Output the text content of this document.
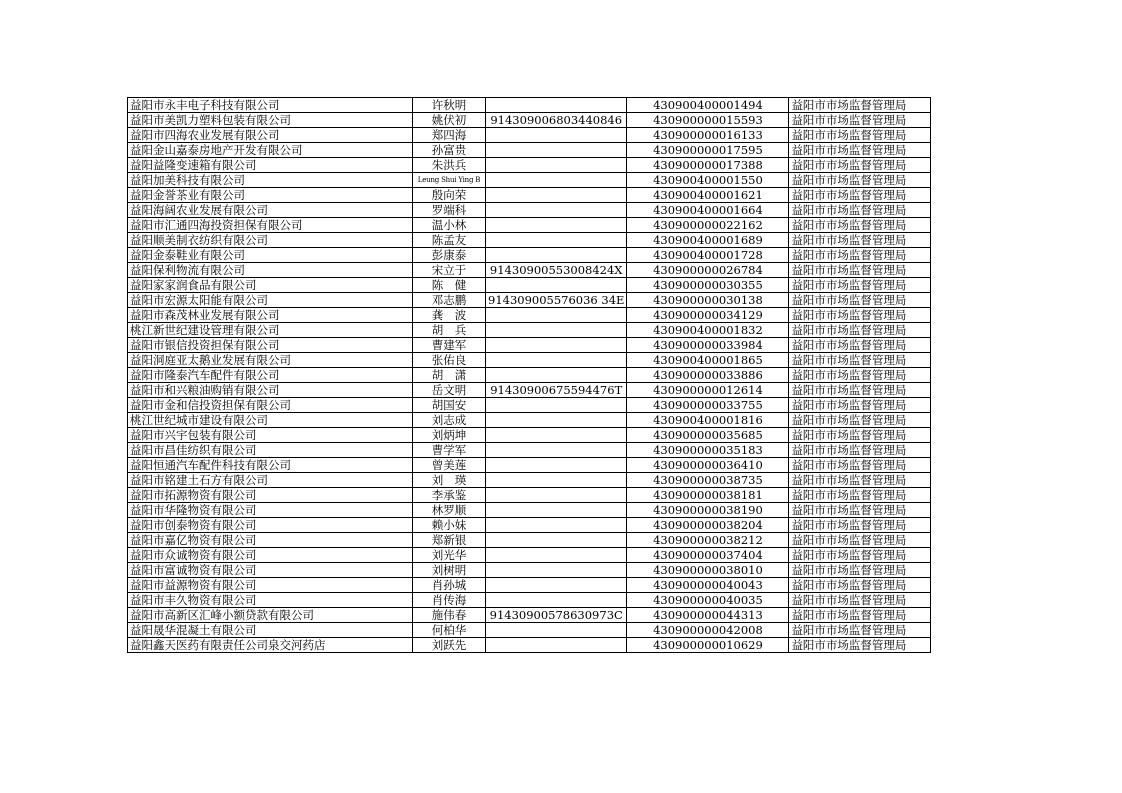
益阳市永丰电子科技有限公司	许秋明		430900400001494	益阳市市场监督管理局
益阳市美凯力塑料包装有限公司	姚伏初	914309006803440846	430900000015593	益阳市市场监督管理局
益阳市四海农业发展有限公司	郑四海		430900000016133	益阳市市场监督管理局
益阳金山嘉泰房地产开发有限公司	孙富贵		430900000017595	益阳市市场监督管理局
益阳益隆变速箱有限公司	朱洪兵		430900000017388	益阳市市场监督管理局
益阳加美科技有限公司	Leung Shui Ying B		430900400001550	益阳市市场监督管理局
益阳金誉茶业有限公司	殷向荣		430900400001621	益阳市市场监督管理局
益阳海阔农业发展有限公司	罗端科		430900400001664	益阳市市场监督管理局
益阳市汇通四海投资担保有限公司	温小林		430900000022162	益阳市市场监督管理局
益阳顺美制衣纺织有限公司	陈孟友		430900400001689	益阳市市场监督管理局
益阳金泰鞋业有限公司	彭康泰		430900400001728	益阳市市场监督管理局
益阳保利物流有限公司	宋立于	91430900553008424X	430900000026784	益阳市市场监督管理局
益阳家家润食品有限公司	陈　健		430900000030355	益阳市市场监督管理局
益阳市宏源太阳能有限公司	邓志鹏	914309005576036 34E	430900000030138	益阳市市场监督管理局
益阳市森茂林业发展有限公司	龚　波		430900000034129	益阳市市场监督管理局
桃江新世纪建设管理有限公司	胡　兵		430900400001832	益阳市市场监督管理局
益阳市银信投资担保有限公司	曹建军		430900000033984	益阳市市场监督管理局
益阳洞庭亚太鹅业发展有限公司	张佑良		430900400001865	益阳市市场监督管理局
益阳市隆泰汽车配件有限公司	胡　潇		430900000033886	益阳市市场监督管理局
益阳市和兴粮油购销有限公司	岳文明	91430900675594476T	430900000012614	益阳市市场监督管理局
益阳市金和信投资担保有限公司	胡国安		430900000033755	益阳市市场监督管理局
桃江世纪城市建设有限公司	刘志成		430900400001816	益阳市市场监督管理局
益阳市兴宇包装有限公司	刘炳坤		430900000035685	益阳市市场监督管理局
益阳市昌佳纺织有限公司	曹学军		430900000035183	益阳市市场监督管理局
益阳恒通汽车配件科技有限公司	曾美莲		430900000036410	益阳市市场监督管理局
益阳市铭建土石方有限公司	刘　瑛		430900000038735	益阳市市场监督管理局
益阳市拓源物资有限公司	李承鉴		430900000038181	益阳市市场监督管理局
益阳市华隆物资有限公司	林罗顺		430900000038190	益阳市市场监督管理局
益阳市创泰物资有限公司	赖小妹		430900000038204	益阳市市场监督管理局
益阳市嘉亿物资有限公司	郑新银		430900000038212	益阳市市场监督管理局
益阳市众诚物资有限公司	刘光华		430900000037404	益阳市市场监督管理局
益阳市富诚物资有限公司	刘树明		430900000038010	益阳市市场监督管理局
益阳市益源物资有限公司	肖孙城		430900000040043	益阳市市场监督管理局
益阳市丰久物资有限公司	肖传海		430900000040035	益阳市市场监督管理局
益阳市高新区汇峰小额贷款有限公司	施伟春	91430900578630973C	430900000044313	益阳市市场监督管理局
益阳晟华混凝土有限公司	何柏华		430900000042008	益阳市市场监督管理局
益阳鑫天医药有限责任公司泉交河药店	刘跃先		430900000010629	益阳市市场监督管理局
